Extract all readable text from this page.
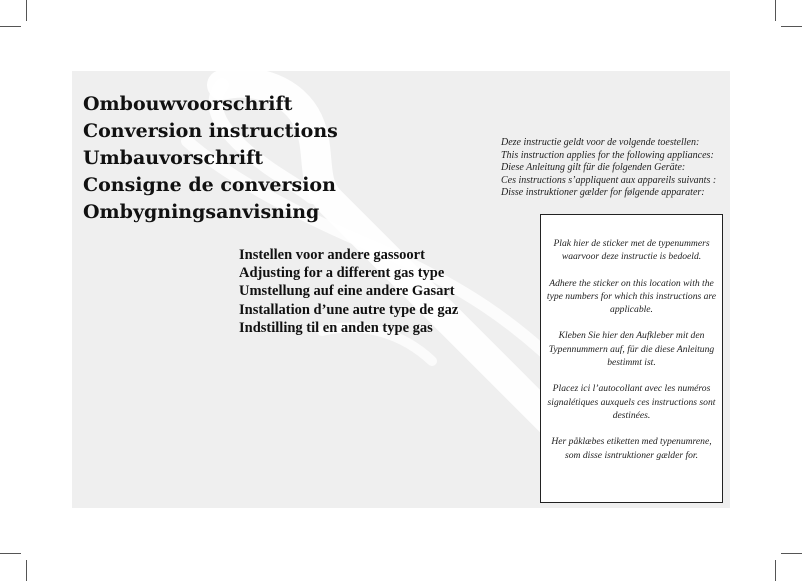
Ombouwvoorschrift
Conversion instructions
Umbauvorschrift
Consigne de conversion
Ombygningsanvisning
Deze instructie geldt voor de volgende toestellen:
This instruction applies for the following appliances:
Diese Anleitung gilt für die folgenden Geräte:
Ces instructions s’appliquent aux appareils suivants :
Disse instruktioner gælder for følgende apparater:
Instellen voor andere gassoort
Adjusting for a different gas type
Umstellung auf eine andere Gasart
Installation d’une autre type de gaz
Indstilling til en anden type gas

Plak hier de sticker met de typenummers waarvoor deze instructie is bedoeld.

Adhere the sticker on this location with the type numbers for which this instructions are applicable.

Kleben Sie hier den Aufkleber mit den Typennummern auf, für die diese Anleitung bestimmt ist.

Placez ici l’autocollant avec les numéros signalétiques auxquels ces instructions sont destinées.

Her påklæbes etiketten med typenumrene, som disse isntruktioner gælder for.
